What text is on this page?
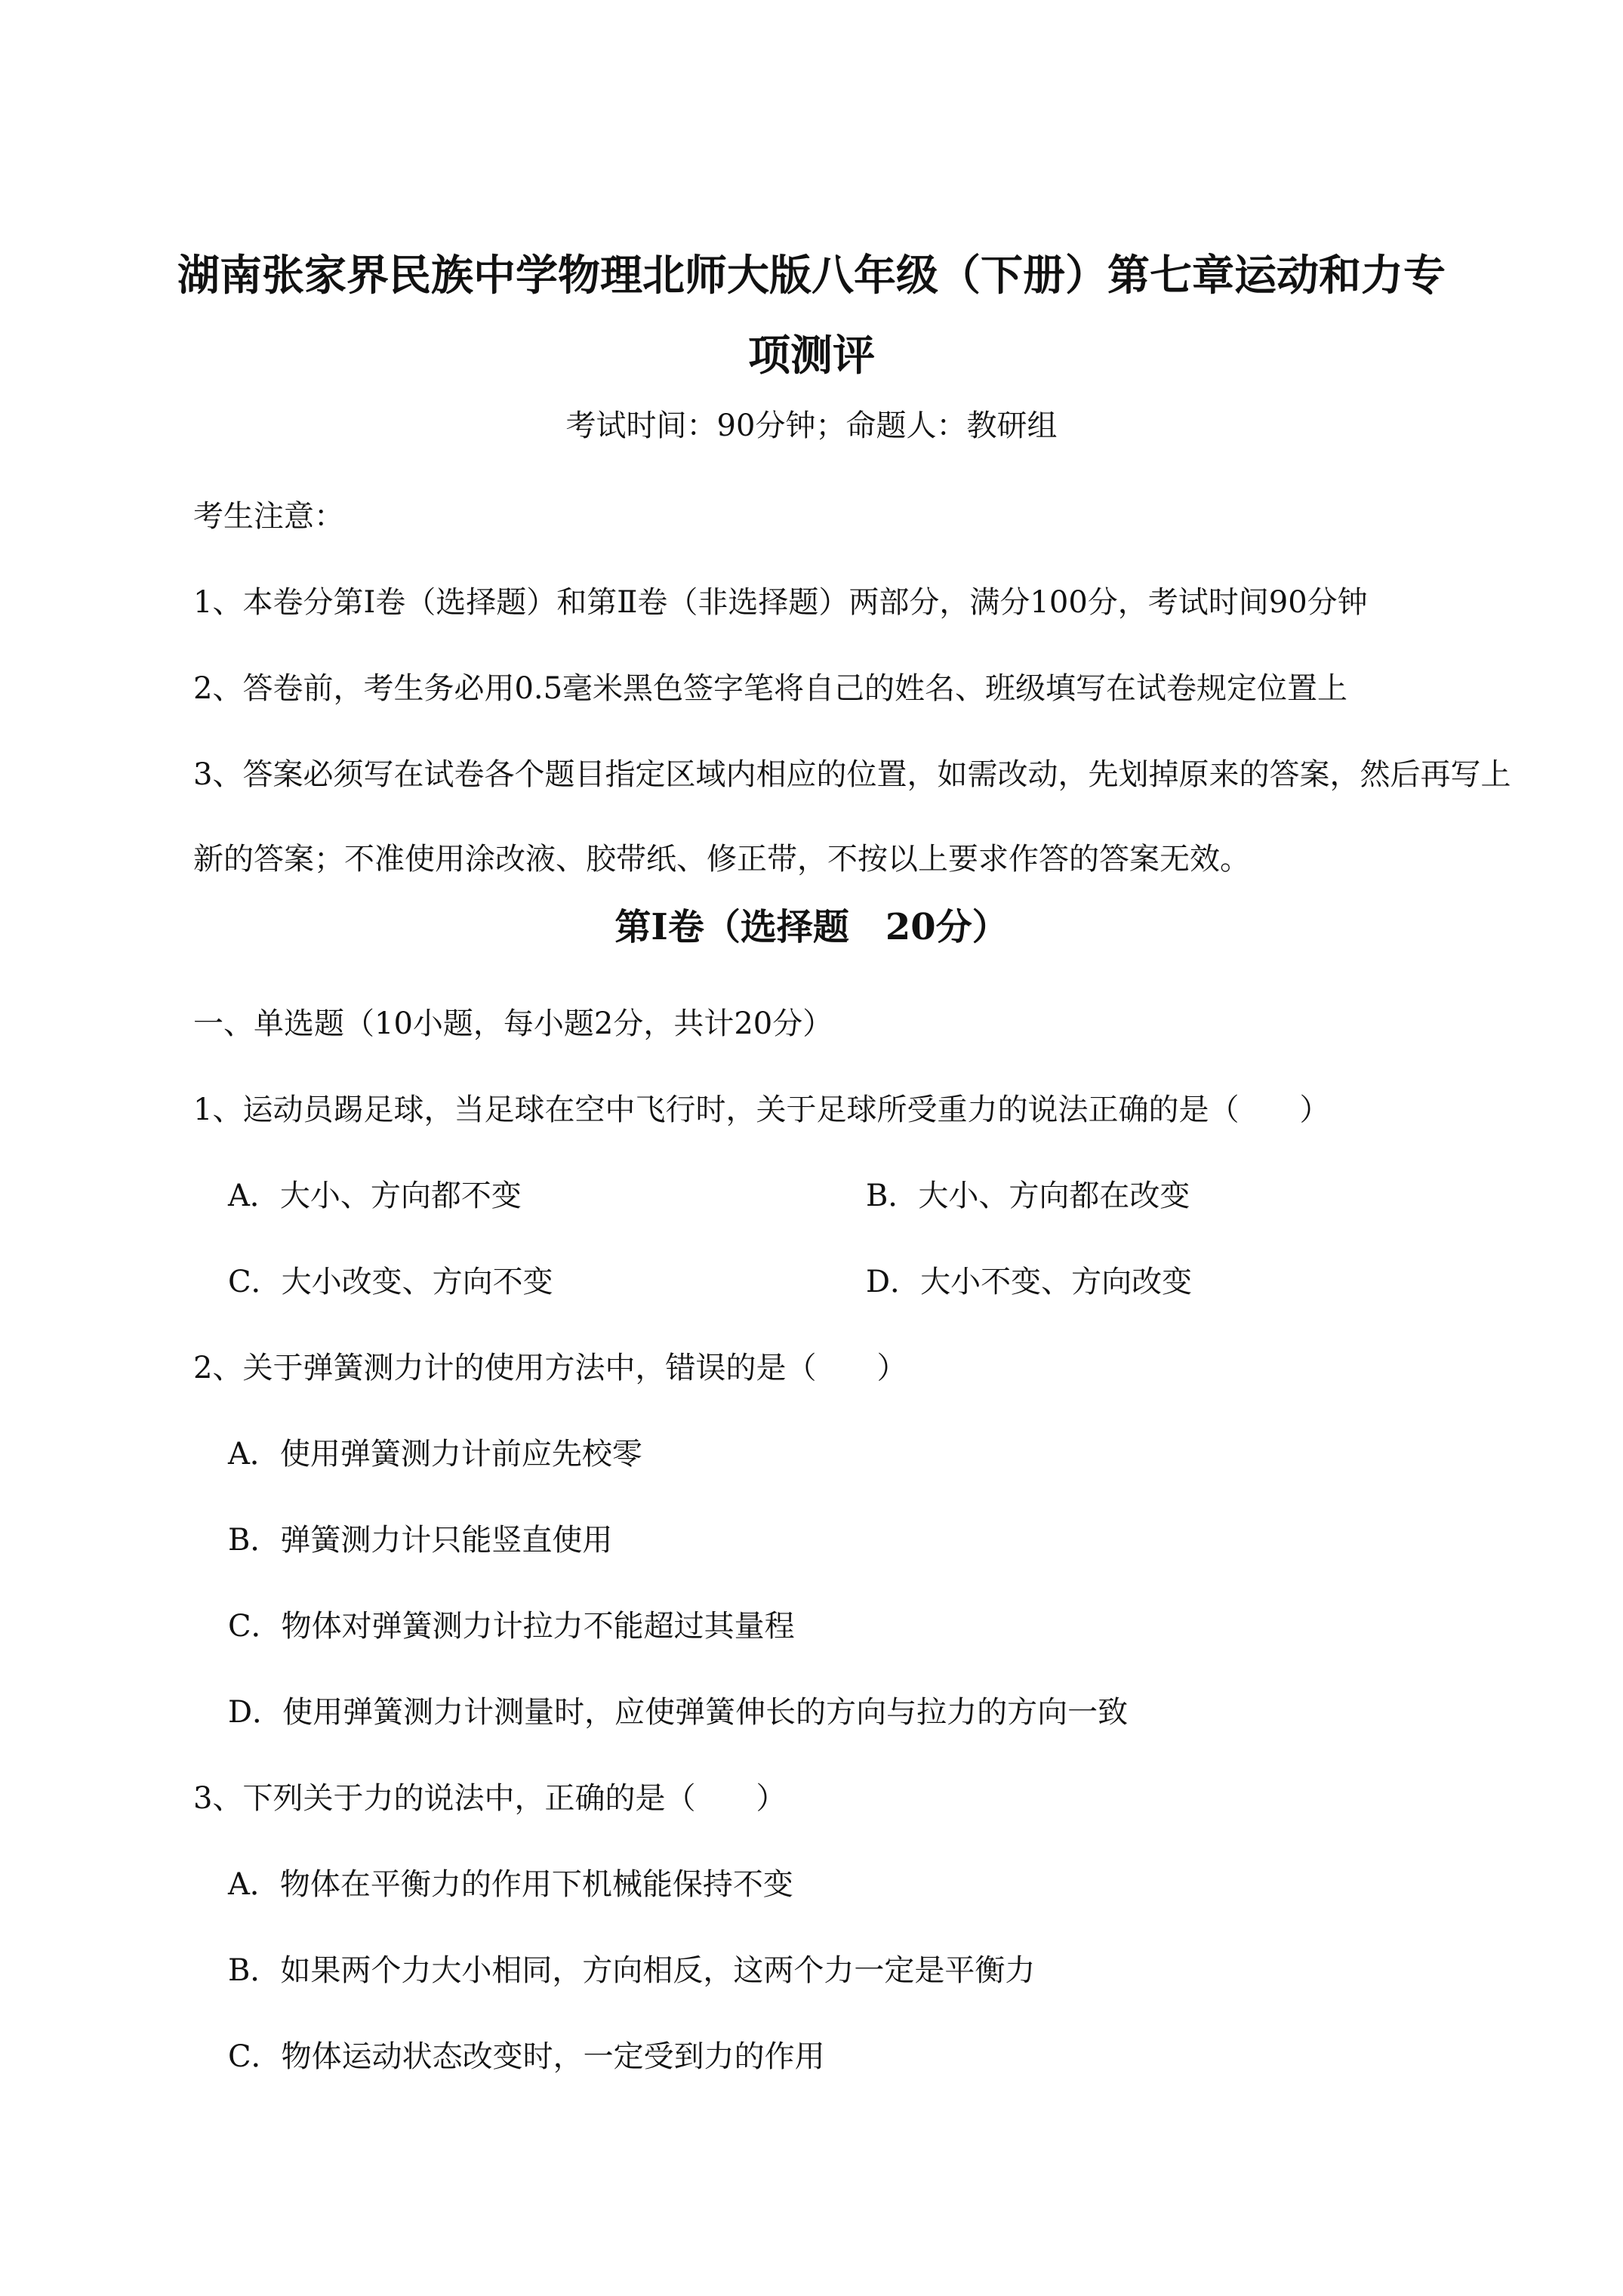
湖南张家界民族中学物理北师大版八年级（下册）第七章运动和力专
项测评
考试时间：90分钟；命题人：教研组
考生注意：
1、本卷分第Ⅰ卷（选择题）和第Ⅱ卷（非选择题）两部分，满分100分，考试时间90分钟
2、答卷前，考生务必用0.5毫米黑色签字笔将自己的姓名、班级填写在试卷规定位置上
3、答案必须写在试卷各个题目指定区域内相应的位置，如需改动，先划掉原来的答案，然后再写上新的答案；不准使用涂改液、胶带纸、修正带，不按以上要求作答的答案无效。
第Ⅰ卷（选择题　20分）
一、单选题（10小题，每小题2分，共计20分）
1、运动员踢足球，当足球在空中飞行时，关于足球所受重力的说法正确的是（　　）
A．大小、方向都不变	B．大小、方向都在改变
C．大小改变、方向不变	D．大小不变、方向改变
2、关于弹簧测力计的使用方法中，错误的是（　　）
A．使用弹簧测力计前应先校零
B．弹簧测力计只能竖直使用
C．物体对弹簧测力计拉力不能超过其量程
D．使用弹簧测力计测量时，应使弹簧伸长的方向与拉力的方向一致
3、下列关于力的说法中，正确的是（　　）
A．物体在平衡力的作用下机械能保持不变
B．如果两个力大小相同，方向相反，这两个力一定是平衡力
C．物体运动状态改变时，一定受到力的作用
